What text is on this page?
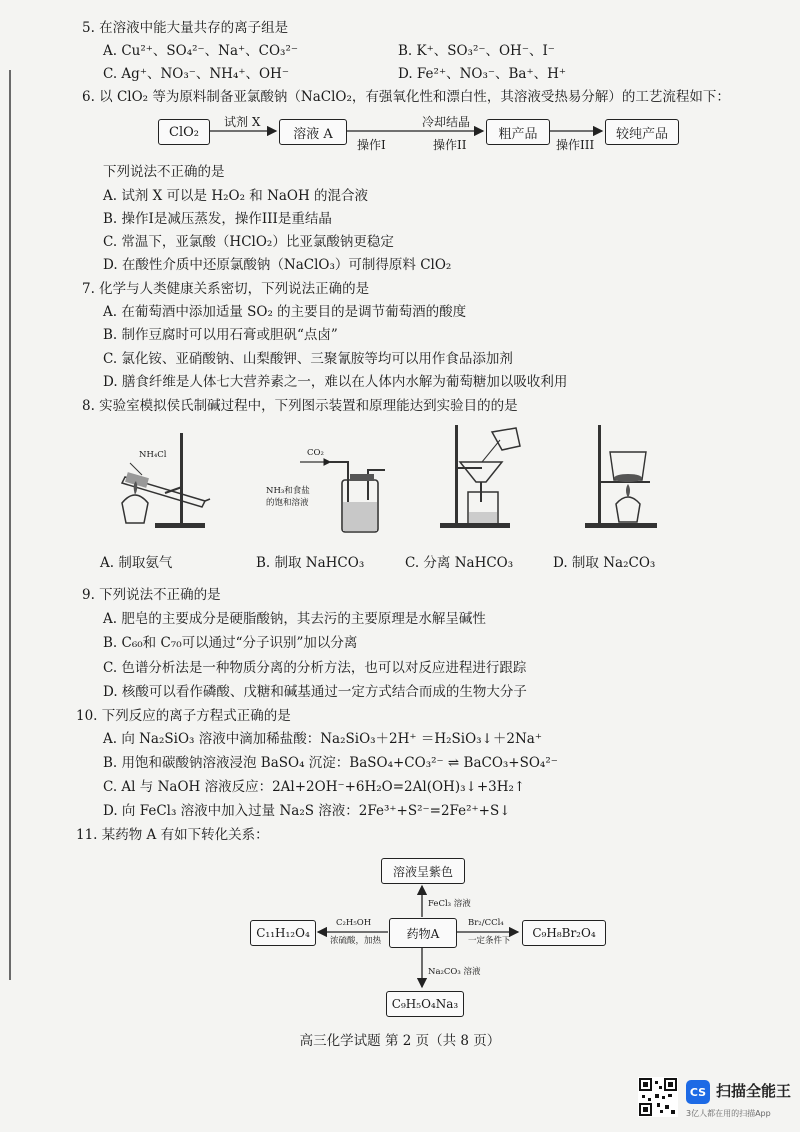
5. 在溶液中能大量共存的离子组是
A. Cu²⁺、SO₄²⁻、Na⁺、CO₃²⁻	B. K⁺、SO₃²⁻、OH⁻、I⁻
C. Ag⁺、NO₃⁻、NH₄⁺、OH⁻	D. Fe²⁺、NO₃⁻、Ba⁺、H⁺
6. 以 ClO₂ 等为原料制备亚氯酸钠（NaClO₂，有强氧化性和漂白性，其溶液受热易分解）的工艺流程如下：
ClO₂	溶液 A	粗产品	较纯产品
试剂 X	冷却结晶
操作I	操作II	操作III
下列说法不正确的是
A. 试剂 X 可以是 H₂O₂ 和 NaOH 的混合液
B. 操作I是减压蒸发，操作III是重结晶
C. 常温下，亚氯酸（HClO₂）比亚氯酸钠更稳定
D. 在酸性介质中还原氯酸钠（NaClO₃）可制得原料 ClO₂
7. 化学与人类健康关系密切，下列说法正确的是
A. 在葡萄酒中添加适量 SO₂ 的主要目的是调节葡萄酒的酸度
B. 制作豆腐时可以用石膏或胆矾“点卤”
C. 氯化铵、亚硝酸钠、山梨酸钾、三聚氰胺等均可以用作食品添加剂
D. 膳食纤维是人体七大营养素之一，难以在人体内水解为葡萄糖加以吸收利用
8. 实验室模拟侯氏制碱过程中，下列图示装置和原理能达到实验目的的是
NH₄Cl	CO₂
NH₃和食盐
的饱和溶液
A. 制取氨气	B. 制取 NaHCO₃	C. 分离 NaHCO₃	D. 制取 Na₂CO₃
9. 下列说法不正确的是
A. 肥皂的主要成分是硬脂酸钠，其去污的主要原理是水解呈碱性
B. C₆₀和 C₇₀可以通过“分子识别”加以分离
C. 色谱分析法是一种物质分离的分析方法，也可以对反应进程进行跟踪
D. 核酸可以看作磷酸、戊糖和碱基通过一定方式结合而成的生物大分子
10. 下列反应的离子方程式正确的是
A. 向 Na₂SiO₃ 溶液中滴加稀盐酸：Na₂SiO₃＋2H⁺ ＝H₂SiO₃↓＋2Na⁺
B. 用饱和碳酸钠溶液浸泡 BaSO₄ 沉淀：BaSO₄+CO₃²⁻ ⇌ BaCO₃+SO₄²⁻
C. Al 与 NaOH 溶液反应：2Al+2OH⁻+6H₂O=2Al(OH)₃↓+3H₂↑
D. 向 FeCl₃ 溶液中加入过量 Na₂S 溶液：2Fe³⁺+S²⁻=2Fe²⁺+S↓
11. 某药物 A 有如下转化关系：
溶液呈紫色
C₁₁H₁₂O₄	药物A	C₉H₈Br₂O₄
C₉H₅O₄Na₃
FeCl₃ 溶液
C₂H₅OH
浓硫酸，加热
Br₂/CCl₄
一定条件下
Na₂CO₃ 溶液
高三化学试题 第 2 页（共 8 页）
CS 扫描全能王
3亿人都在用的扫描App
